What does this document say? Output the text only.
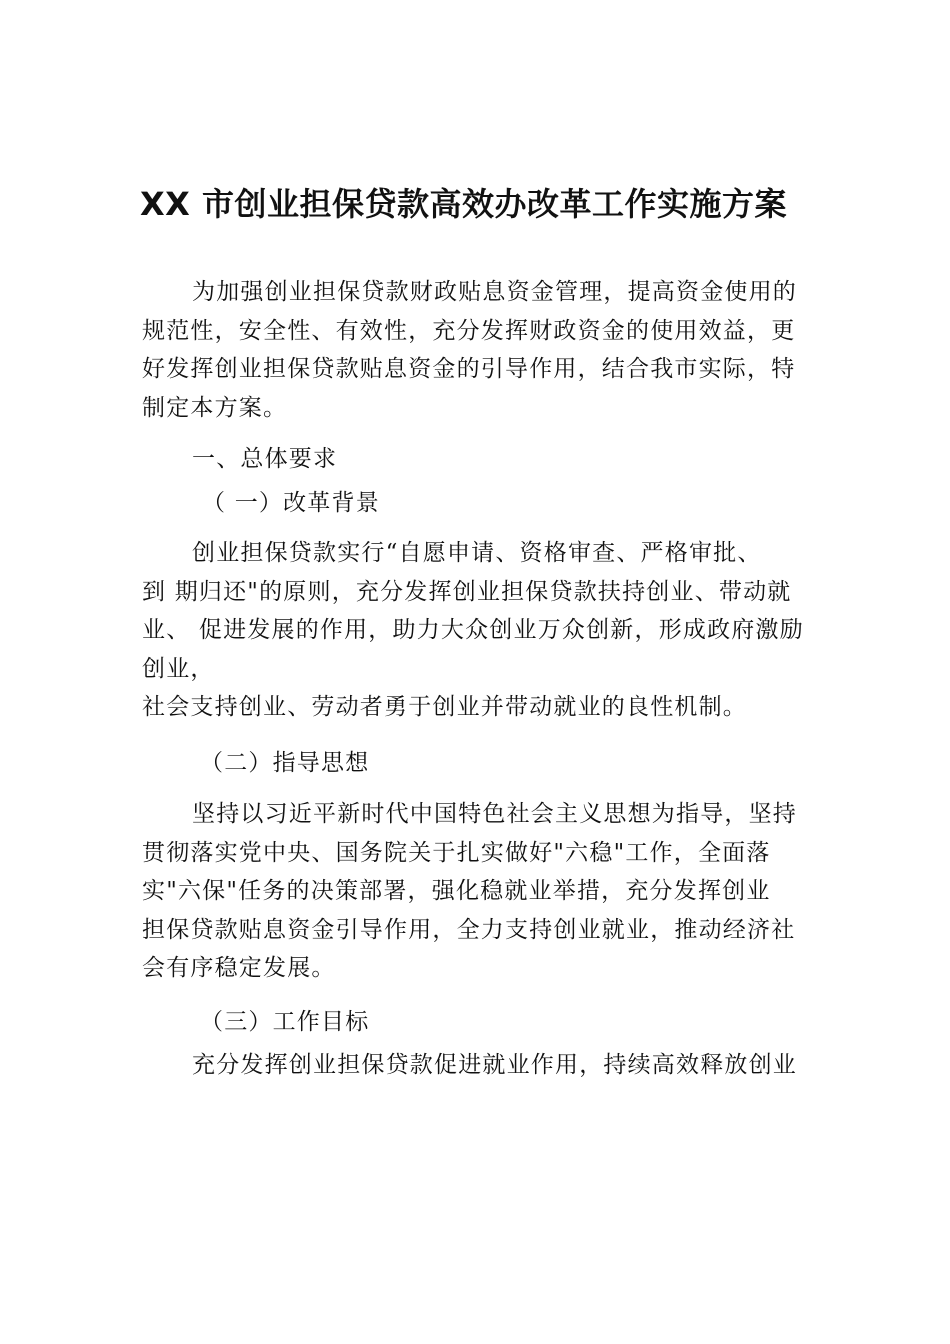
XX 市创业担保贷款高效办改革工作实施方案
为加强创业担保贷款财政贴息资金管理，提高资金使用的
规范性，安全性、有效性，充分发挥财政资金的使用效益，更
好发挥创业担保贷款贴息资金的引导作用，结合我市实际，特
制定本方案。
一、总体要求
（ 一）改革背景
创业担保贷款实行“自愿申请、资格审查、严格审批、
到 期归还"的原则，充分发挥创业担保贷款扶持创业、带动就
业、 促进发展的作用，助力大众创业万众创新，形成政府激励
创业，
社会支持创业、劳动者勇于创业并带动就业的良性机制。
（二）指导思想
坚持以习近平新时代中国特色社会主义思想为指导，坚持
贯彻落实党中央、国务院关于扎实做好"六稳"工作，全面落
实"六保"任务的决策部署，强化稳就业举措，充分发挥创业
担保贷款贴息资金引导作用，全力支持创业就业，推动经济社
会有序稳定发展。
（三）工作目标
充分发挥创业担保贷款促进就业作用，持续高效释放创业
